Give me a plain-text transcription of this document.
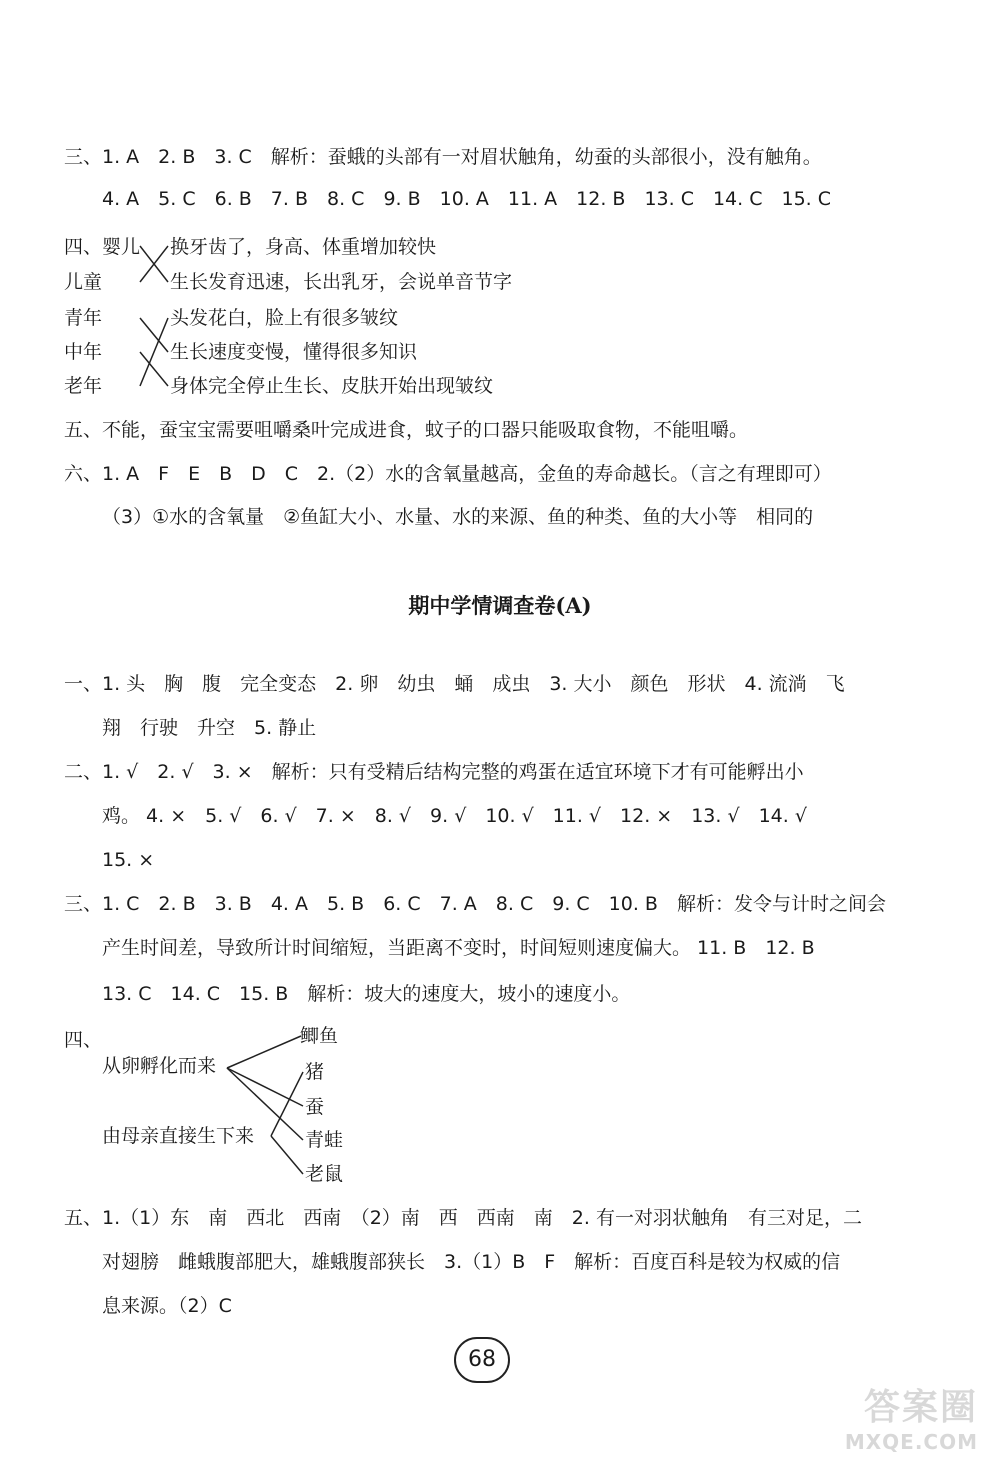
三、1. A　2. B　3. C　解析：蚕蛾的头部有一对眉状触角，幼蚕的头部很小，没有触角。
4. A　5. C　6. B　7. B　8. C　9. B　10. A　11. A　12. B　13. C　14. C　15. C
四、 婴儿
儿童
青年
中年
老年
换牙齿了，身高、体重增加较快
生长发育迅速，长出乳牙，会说单音节字
头发花白，脸上有很多皱纹
生长速度变慢，懂得很多知识
身体完全停止生长、皮肤开始出现皱纹
五、不能，蚕宝宝需要咀嚼桑叶完成进食，蚊子的口器只能吸取食物，不能咀嚼。
六、1. A　F　E　B　D　C　2.（2）水的含氧量越高，金鱼的寿命越长。（言之有理即可）
（3）①水的含氧量　②鱼缸大小、水量、水的来源、鱼的种类、鱼的大小等　相同的
期中学情调查卷(A)
一、1. 头　胸　腹　完全变态　2. 卵　幼虫　蛹　成虫　3. 大小　颜色　形状　4. 流淌　飞
翔　行驶　升空　5. 静止
二、1. √　2. √　3. ×　解析：只有受精后结构完整的鸡蛋在适宜环境下才有可能孵出小
鸡。 4. ×　5. √　6. √　7. ×　8. √　9. √　10. √　11. √　12. ×　13. √　14. √
15. ×
三、1. C　2. B　3. B　4. A　5. B　6. C　7. A　8. C　9. C　10. B　解析：发令与计时之间会
产生时间差，导致所计时间缩短，当距离不变时，时间短则速度偏大。 11. B　12. B
13. C　14. C　15. B　解析：坡大的速度大，坡小的速度小。
四、
从卵孵化而来
由母亲直接生下来
鲫鱼
猪
蚕
青蛙
老鼠
五、1.（1）东　南　西北　西南　（2）南　西　西南　南　2. 有一对羽状触角　有三对足，二
对翅膀　雌蛾腹部肥大，雄蛾腹部狭长　3.（1）B　F　解析：百度百科是较为权威的信
息来源。（2）C
68
答案圈
MXQE.COM
